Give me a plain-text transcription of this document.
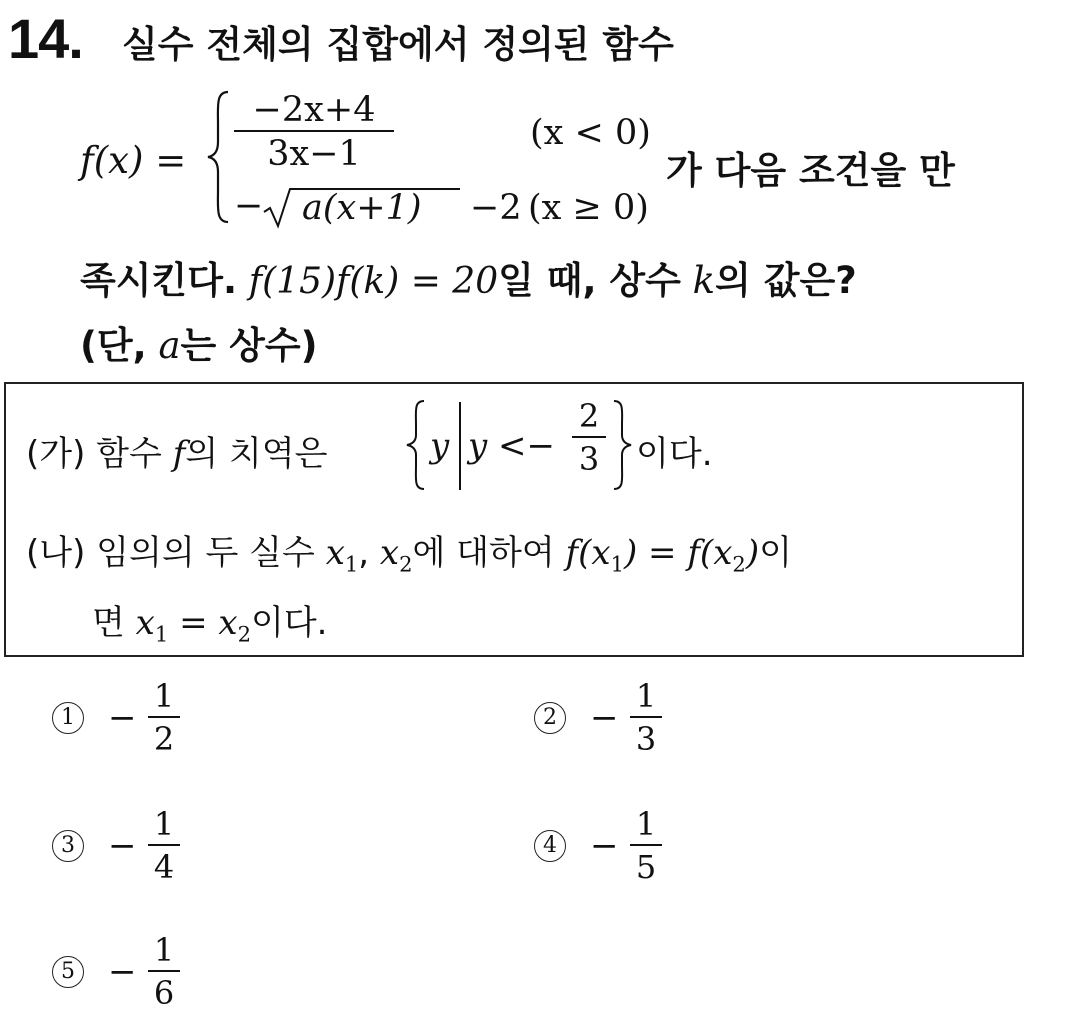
14. 실수 전체의 집합에서 정의된 함수
f(x) =
−2x+4
3x−1
(x < 0)
− a(x+1) −2 (x ≥ 0)
가 다음 조건을 만
족시킨다. f(15)f(k) = 20일 때, 상수 k의 값은?
(단, a는 상수)
(가) 함수 f의 치역은	y y <−
2
3 이다.
(나) 임의의 두 실수 $x_1$, $x_2$에 대하여 $f(x_1) = f(x_2)$이
면 $x_1 = x_2$이다.
1 −
1
2
2 −
1
3
3 −
1
4
4 −
1
5
5 −
1
6
